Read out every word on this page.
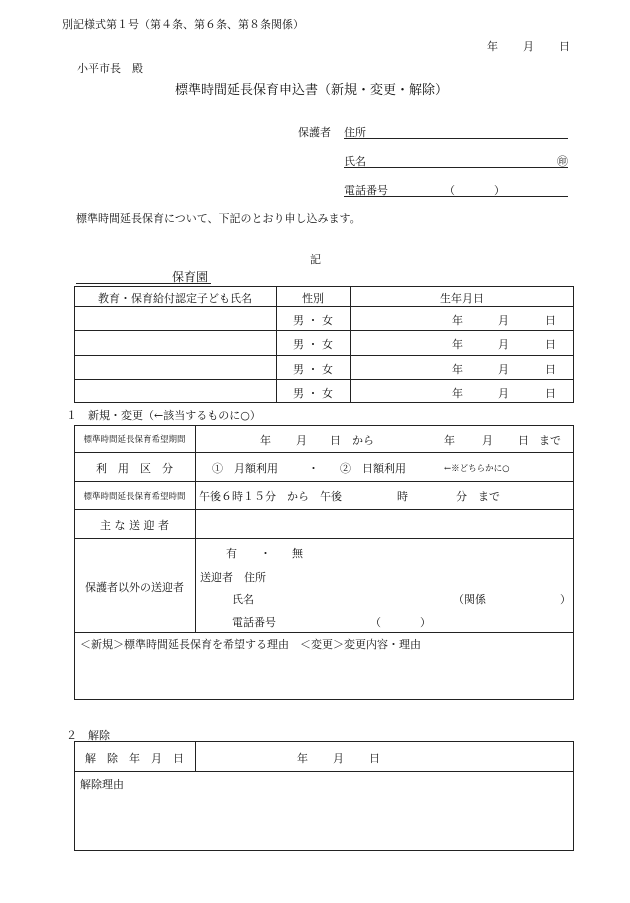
別記様式第１号（第４条、第６条、第８条関係）
年 月 日
小平市長　殿
標準時間延長保育申込書（新規・変更・解除）
保護者 住所
氏名	㊞
電話番号	（	）
標準時間延長保育について、下記のとおり申し込みます。
記
保育園
教育・保育給付認定子ども氏名	性別	生年月日
男 ・ 女	年	月	日
男 ・ 女	年	月	日
男 ・ 女	年	月	日
男 ・ 女	年	月	日
１　新規・変更（←該当するものに○）
標準時間延長保育希望期間	年 月 日 から	年 月 日 まで
利　用　区　分	①　月額利用	・ ②　日額利用	←※どちらかに○
標準時間延長保育希望時間	午後６時１５分　から　午後	時	分　まで
主 な 送 迎 者
保護者以外の送迎者
有 ・ 無
送迎者　住所
氏名	（関係	）
電話番号	（	）
＜新規＞標準時間延長保育を希望する理由　＜変更＞変更内容・理由
２　解除
解　除　年　月　日	年 月 日
解除理由
